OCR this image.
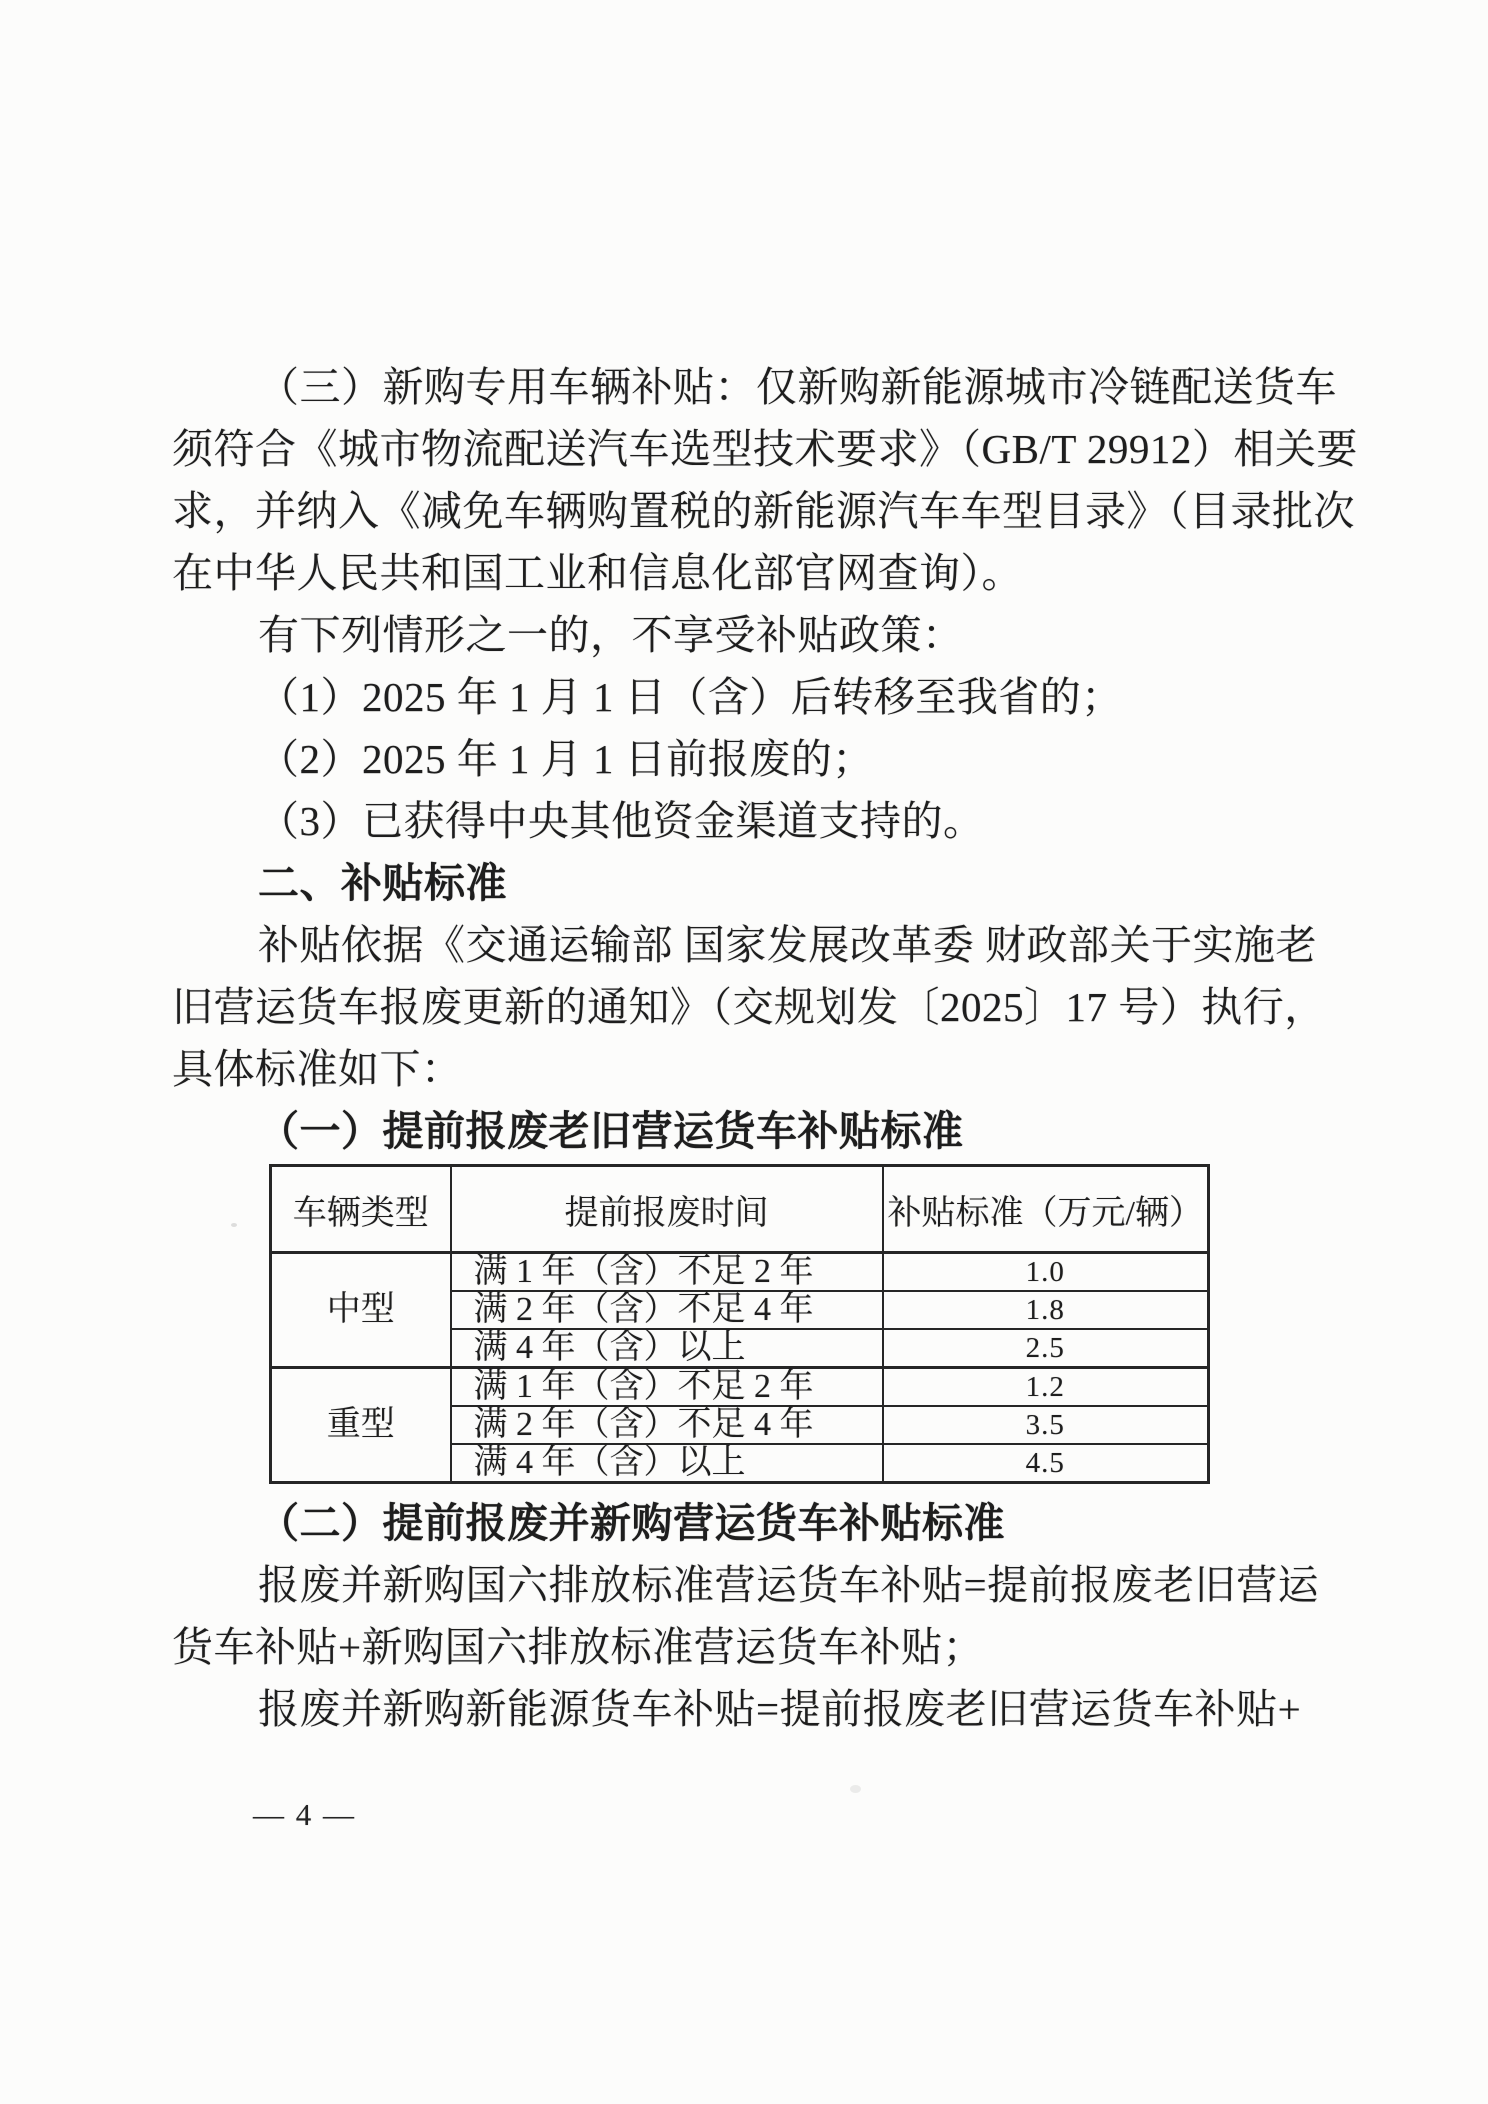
（三）新购专用车辆补贴：仅新购新能源城市冷链配送货车
须符合《城市物流配送汽车选型技术要求》（GB/T 29912）相关要
求，并纳入《减免车辆购置税的新能源汽车车型目录》（目录批次
在中华人民共和国工业和信息化部官网查询）。
有下列情形之一的，不享受补贴政策：
（1）2025 年 1 月 1 日（含）后转移至我省的；
（2）2025 年 1 月 1 日前报废的；
（3）已获得中央其他资金渠道支持的。
二、补贴标准
补贴依据《交通运输部 国家发展改革委 财政部关于实施老
旧营运货车报废更新的通知》（交规划发〔2025〕17 号）执行，
具体标准如下：
（一）提前报废老旧营运货车补贴标准
车辆类型	提前报废时间	补贴标准（万元/辆）
中型	满 1 年（含）不足 2 年	1.0
	满 2 年（含）不足 4 年	1.8
	满 4 年（含）以上	2.5
重型	满 1 年（含）不足 2 年	1.2
	满 2 年（含）不足 4 年	3.5
	满 4 年（含）以上	4.5
（二）提前报废并新购营运货车补贴标准
报废并新购国六排放标准营运货车补贴=提前报废老旧营运
货车补贴+新购国六排放标准营运货车补贴；
报废并新购新能源货车补贴=提前报废老旧营运货车补贴+
— 4 —
